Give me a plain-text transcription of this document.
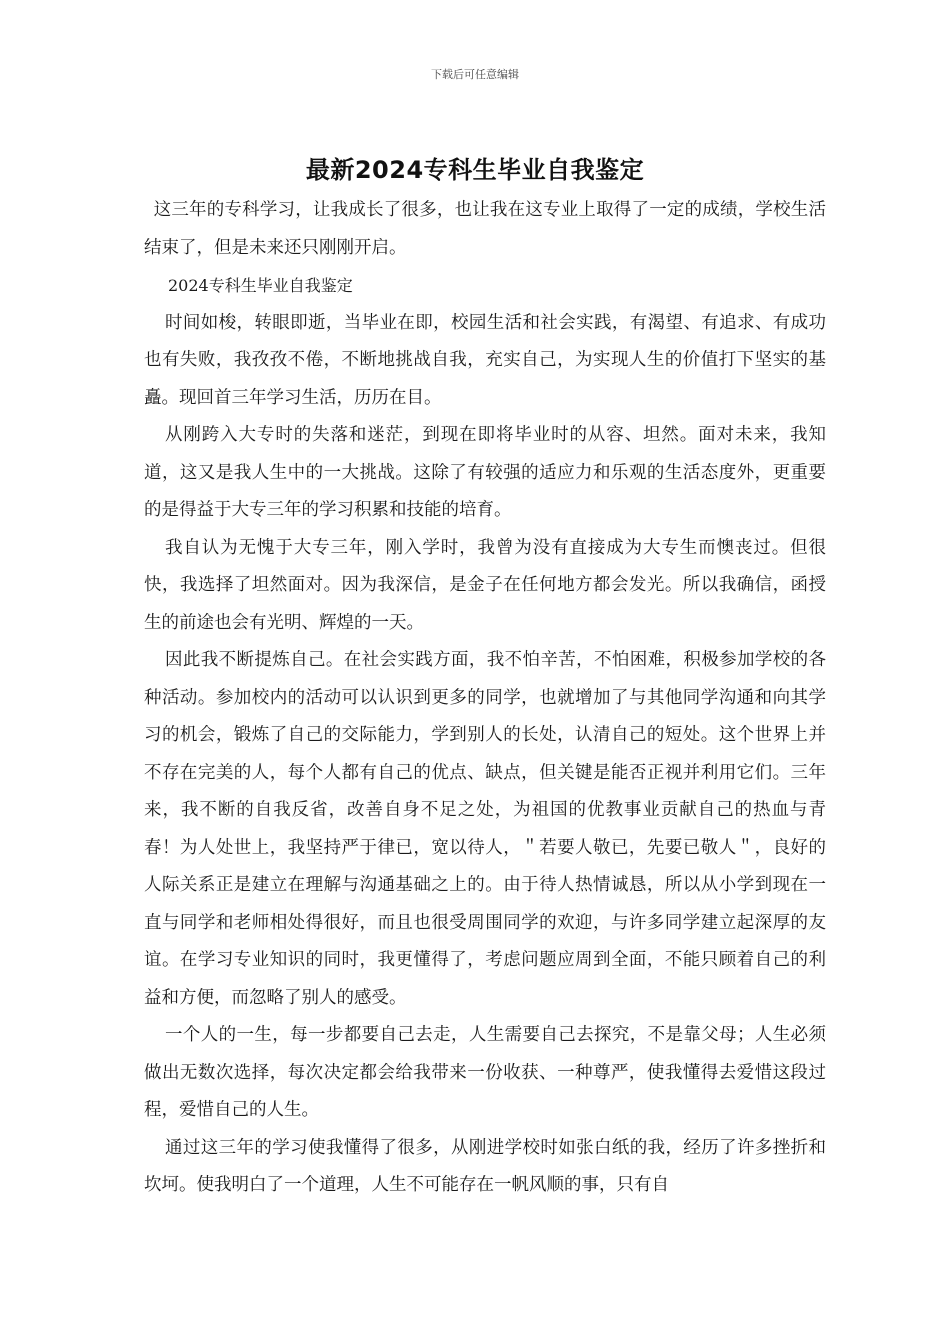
下载后可任意编辑
最新2024专科生毕业自我鉴定

这三年的专科学习，让我成长了很多，也让我在这专业上取得了一定的成绩，学校生活结束了，但是未来还只刚刚开启。

2024专科生毕业自我鉴定

时间如梭，转眼即逝，当毕业在即，校园生活和社会实践，有渴望、有追求、有成功也有失败，我孜孜不倦，不断地挑战自我，充实自己，为实现人生的价值打下坚实的基矗。现回首三年学习生活，历历在目。

从刚跨入大专时的失落和迷茫，到现在即将毕业时的从容、坦然。面对未来，我知道，这又是我人生中的一大挑战。这除了有较强的适应力和乐观的生活态度外，更重要的是得益于大专三年的学习积累和技能的培育。

我自认为无愧于大专三年，刚入学时，我曾为没有直接成为大专生而懊丧过。但很快，我选择了坦然面对。因为我深信，是金子在任何地方都会发光。所以我确信，函授生的前途也会有光明、辉煌的一天。

因此我不断提炼自己。在社会实践方面，我不怕辛苦，不怕困难，积极参加学校的各种活动。参加校内的活动可以认识到更多的同学，也就增加了与其他同学沟通和向其学习的机会，锻炼了自己的交际能力，学到别人的长处，认清自己的短处。这个世界上并不存在完美的人，每个人都有自己的优点、缺点，但关键是能否正视并利用它们。三年来，我不断的自我反省，改善自身不足之处，为祖国的优教事业贡献自己的热血与青春！为人处世上，我坚持严于律已，宽以待人，＂若要人敬已，先要已敬人＂，良好的人际关系正是建立在理解与沟通基础之上的。由于待人热情诚恳，所以从小学到现在一直与同学和老师相处得很好，而且也很受周围同学的欢迎，与许多同学建立起深厚的友谊。在学习专业知识的同时，我更懂得了，考虑问题应周到全面，不能只顾着自己的利益和方便，而忽略了别人的感受。

一个人的一生，每一步都要自己去走，人生需要自己去探究，不是靠父母；人生必须做出无数次选择，每次决定都会给我带来一份收获、一种尊严，使我懂得去爱惜这段过程，爱惜自己的人生。

通过这三年的学习使我懂得了很多，从刚进学校时如张白纸的我，经历了许多挫折和坎坷。使我明白了一个道理，人生不可能存在一帆风顺的事，只有自
